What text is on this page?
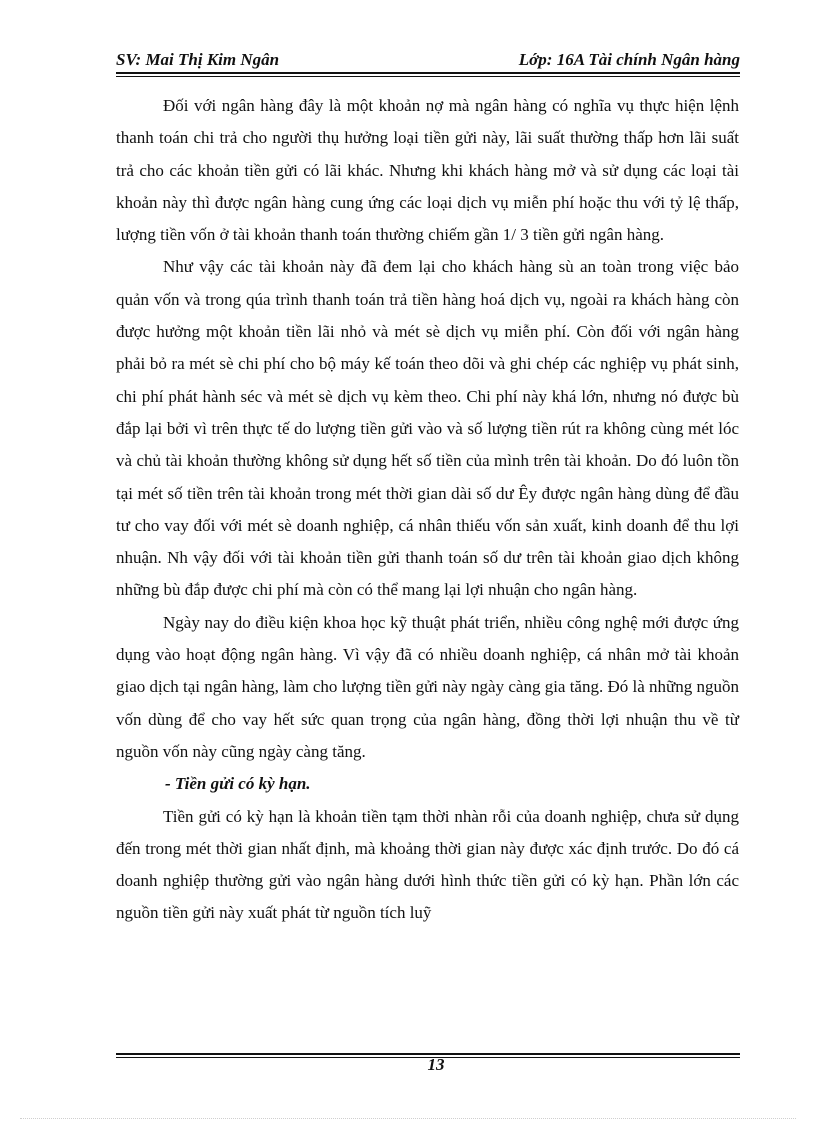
SV: Mai Thị Kim Ngân	Lớp: 16A Tài chính Ngân hàng

Đối với ngân hàng đây là một khoản nợ mà ngân hàng có nghĩa vụ thực hiện lệnh thanh toán chi trả cho người thụ hưởng loại tiền gửi này, lãi suất thường thấp hơn lãi suất trả cho các khoản tiền gửi có lãi khác. Nhưng khi khách hàng mở và sử dụng các loại tài khoản này thì được ngân hàng cung ứng các loại dịch vụ miễn phí hoặc thu với tỷ lệ thấp, lượng tiền vốn ở tài khoản thanh toán thường chiếm gần 1/ 3 tiền gửi ngân hàng.

Như vậy các tài khoản này đã đem lại cho khách hàng sù an toàn trong việc bảo quản vốn và trong qúa trình thanh toán trả tiền hàng hoá dịch vụ, ngoài ra khách hàng còn được hưởng một khoản tiền lãi nhỏ và mét sè dịch vụ miễn phí. Còn đối với ngân hàng phải bỏ ra mét sè chi phí cho bộ máy kế toán theo dõi và ghi chép các nghiệp vụ phát sinh, chi phí phát hành séc và mét sè dịch vụ kèm theo. Chi phí này khá lớn, nhưng nó được bù đắp lại bởi vì trên thực tế do lượng tiền gửi vào và số lượng tiền rút ra không cùng mét lóc và chủ tài khoản thường không sử dụng hết số tiền của mình trên tài khoản. Do đó luôn tồn tại mét số tiền trên tài khoản trong mét thời gian dài số dư Êy được ngân hàng dùng để đầu tư cho vay đối với mét sè doanh nghiệp, cá nhân thiếu vốn sản xuất, kinh doanh để thu lợi nhuận. Nh vậy đối với tài khoản tiền gửi thanh toán số dư trên tài khoản giao dịch không những bù đắp được chi phí mà còn có thể mang lại lợi nhuận cho ngân hàng.

Ngày nay do điều kiện khoa học kỹ thuật phát triển, nhiều công nghệ mới được ứng dụng vào hoạt động ngân hàng. Vì vậy đã có nhiều doanh nghiệp, cá nhân mở tài khoản giao dịch tại ngân hàng, làm cho lượng tiền gửi này ngày càng gia tăng. Đó là những nguồn vốn dùng để cho vay hết sức quan trọng của ngân hàng, đồng thời lợi nhuận thu về từ nguồn vốn này cũng ngày càng tăng.

- Tiền gửi có kỳ hạn.

Tiền gửi có kỳ hạn là khoản tiền tạm thời nhàn rỗi của doanh nghiệp, chưa sử dụng đến trong mét thời gian nhất định, mà khoảng thời gian này được xác định trước. Do đó cá doanh nghiệp thường gửi vào ngân hàng dưới hình thức tiền gửi có kỳ hạn. Phần lớn các nguồn tiền gửi này xuất phát từ nguồn tích luỹ

13
